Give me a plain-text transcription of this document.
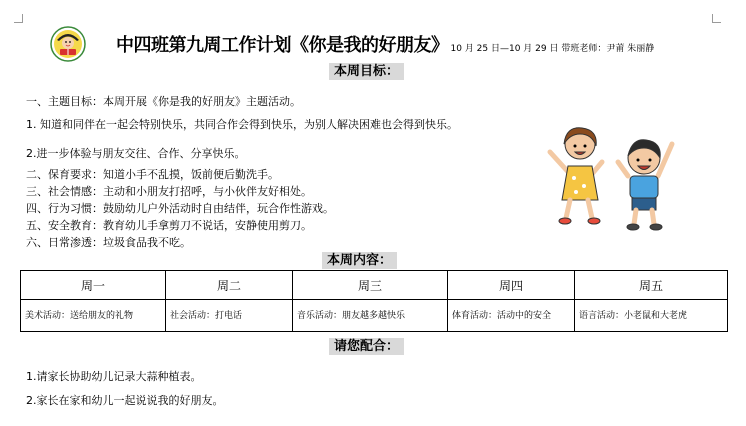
中四班第九周工作计划《你是我的好朋友》 10 月 25 日—10 月 29 日 带班老师：尹莆 朱丽静
本周目标：
一、主题目标：本周开展《你是我的好朋友》主题活动。
1. 知道和同伴在一起会特别快乐，共同合作会得到快乐，为别人解决困难也会得到快乐。
2.进一步体验与朋友交往、合作、分享快乐。
二、保育要求：知道小手不乱摸，饭前便后勤洗手。
三、社会情感：主动和小朋友打招呼，与小伙伴友好相处。
四、行为习惯：鼓励幼儿户外活动时自由结伴，玩合作性游戏。
五、安全教育：教育幼儿手拿剪刀不说话，安静使用剪刀。
六、日常渗透：垃圾食品我不吃。
本周内容：
周一	周二	周三	周四	周五
美术活动：送给朋友的礼物	社会活动：打电话	音乐活动：朋友越多越快乐	体育活动：活动中的安全	语言活动：小老鼠和大老虎
请您配合：
1.请家长协助幼儿记录大蒜种植表。
2.家长在家和幼儿一起说说我的好朋友。
